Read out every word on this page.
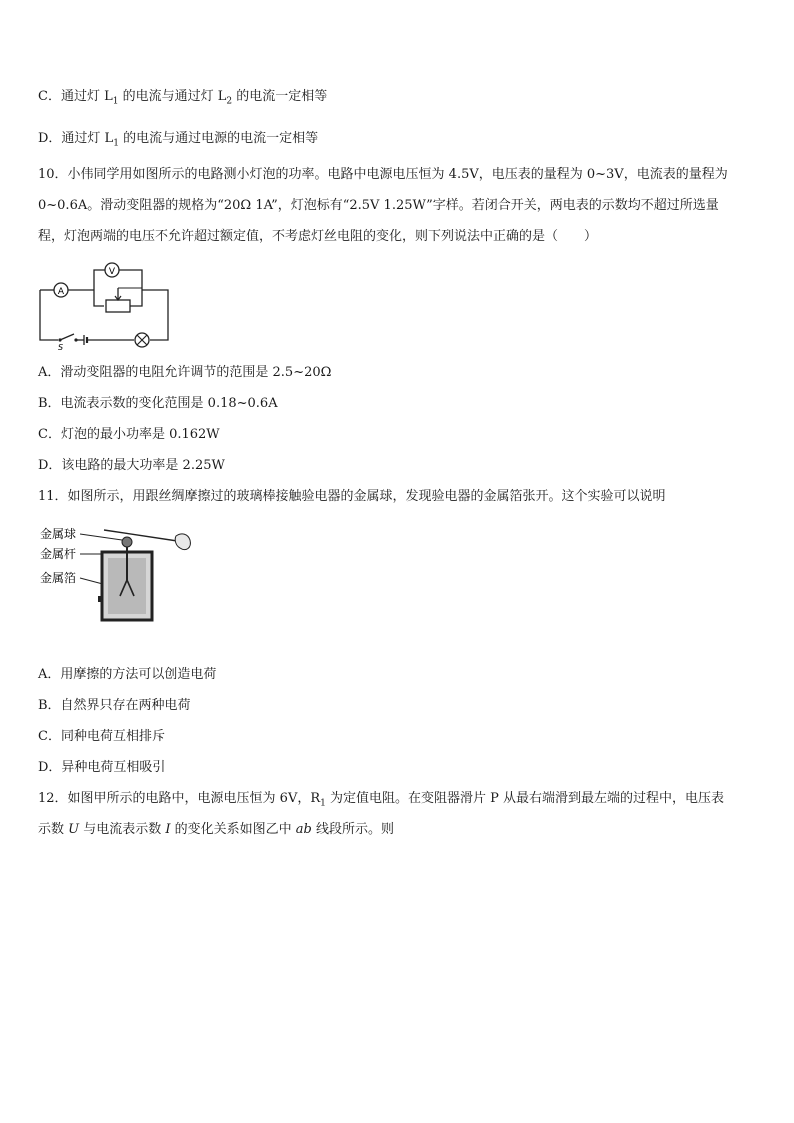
C．通过灯 $L_1$ 的电流与通过灯 $L_2$ 的电流一定相等
D．通过灯 $L_1$ 的电流与通过电源的电流一定相等
10．小伟同学用如图所示的电路测小灯泡的功率。电路中电源电压恒为 4.5V，电压表的量程为 0~3V，电流表的量程为
0~0.6A。滑动变阻器的规格为“20Ω 1A”，灯泡标有“2.5V 1.25W”字样。若闭合开关，两电表的示数均不超过所选量
程，灯泡两端的电压不允许超过额定值，不考虑灯丝电阻的变化，则下列说法中正确的是（　　）
A
V
S
A．滑动变阻器的电阻允许调节的范围是 2.5~20Ω
B．电流表示数的变化范围是 0.18~0.6A
C．灯泡的最小功率是 0.162W
D．该电路的最大功率是 2.25W
11．如图所示，用跟丝绸摩擦过的玻璃棒接触验电器的金属球，发现验电器的金属箔张开。这个实验可以说明
金属球
金属杆
金属箔
A．用摩擦的方法可以创造电荷
B．自然界只存在两种电荷
C．同种电荷互相排斥
D．异种电荷互相吸引
12．如图甲所示的电路中，电源电压恒为 6V，$R_1$ 为定值电阻。在变阻器滑片 P 从最右端滑到最左端的过程中，电压表
示数 U 与电流表示数 I 的变化关系如图乙中 ab 线段所示。则
